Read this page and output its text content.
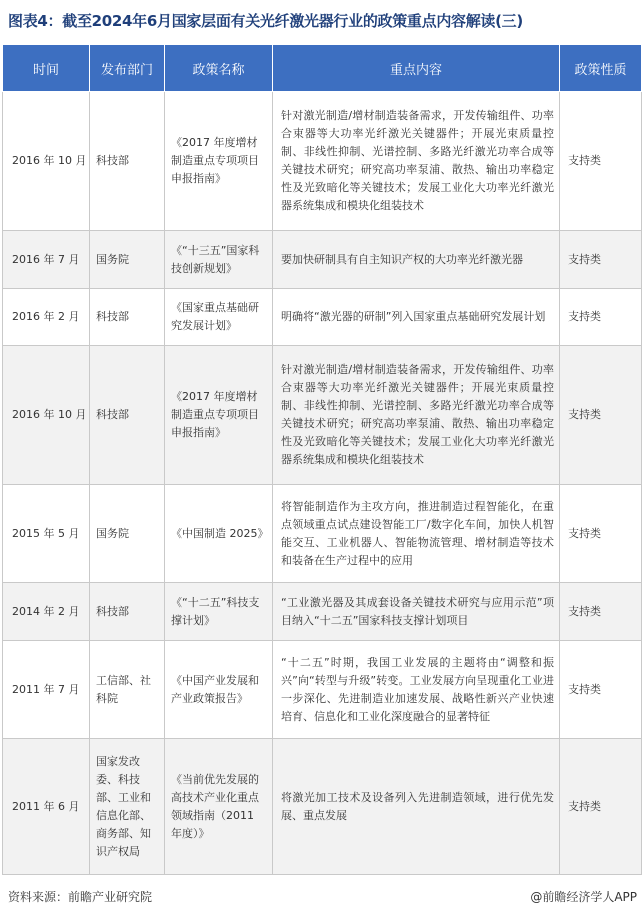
图表4：截至2024年6月国家层面有关光纤激光器行业的政策重点内容解读(三)
时间	发布部门	政策名称	重点内容	政策性质
2016 年 10 月	科技部	《2017 年度增材制造重点专项项目申报指南》	针对激光制造/增材制造装备需求，开发传输组件、功率合束器等大功率光纤激光关键器件；开展光束质量控制、非线性抑制、光谱控制、多路光纤激光功率合成等关键技术研究；研究高功率泵浦、散热、输出功率稳定性及光致暗化等关键技术；发展工业化大功率光纤激光器系统集成和模块化组装技术	支持类
2016 年 7 月	国务院	《“十三五”国家科技创新规划》	要加快研制具有自主知识产权的大功率光纤激光器	支持类
2016 年 2 月	科技部	《国家重点基础研究发展计划》	明确将“激光器的研制”列入国家重点基础研究发展计划	支持类
2016 年 10 月	科技部	《2017 年度增材制造重点专项项目申报指南》	针对激光制造/增材制造装备需求，开发传输组件、功率合束器等大功率光纤激光关键器件；开展光束质量控制、非线性抑制、光谱控制、多路光纤激光功率合成等关键技术研究；研究高功率泵浦、散热、输出功率稳定性及光致暗化等关键技术；发展工业化大功率光纤激光器系统集成和模块化组装技术	支持类
2015 年 5 月	国务院	《中国制造 2025》	将智能制造作为主攻方向，推进制造过程智能化，在重点领域重点试点建设智能工厂/数字化车间，加快人机智能交互、工业机器人、智能物流管理、增材制造等技术和装备在生产过程中的应用	支持类
2014 年 2 月	科技部	《“十二五”科技支撑计划》	“工业激光器及其成套设备关键技术研究与应用示范”项目纳入“十二五”国家科技支撑计划项目	支持类
2011 年 7 月	工信部、社科院	《中国产业发展和产业政策报告》	“十二五”时期，我国工业发展的主题将由“调整和振兴”向“转型与升级”转变。工业发展方向呈现重化工业进一步深化、先进制造业加速发展、战略性新兴产业快速培育、信息化和工业化深度融合的显著特征	支持类
2011 年 6 月	国家发改委、科技部、工业和信息化部、商务部、知识产权局	《当前优先发展的高技术产业化重点领域指南（2011 年度）》	将激光加工技术及设备列入先进制造领域，进行优先发展、重点发展	支持类
资料来源：前瞻产业研究院	@前瞻经济学人APP
